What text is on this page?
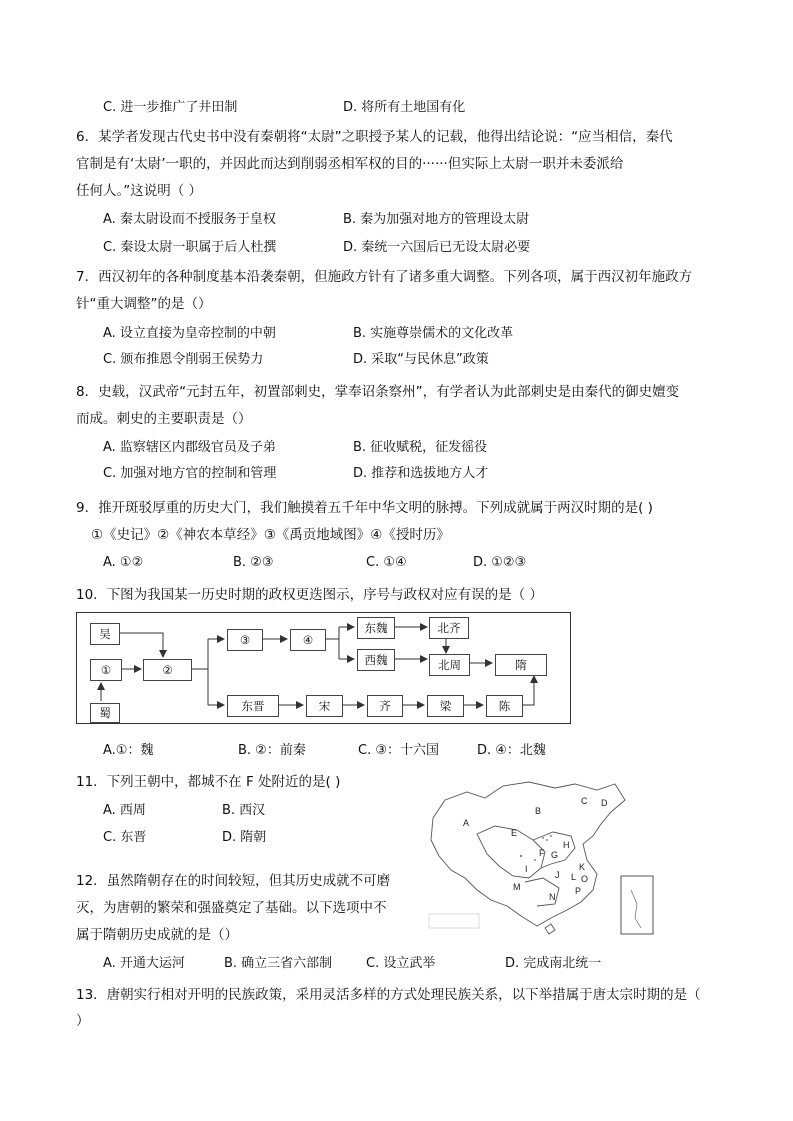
C. 进一步推广了井田制	D. 将所有土地国有化
6．某学者发现古代史书中没有秦朝将“太尉”之职授予某人的记载，他得出结论说：“应当相信，秦代
官制是有‘太尉’一职的，并因此而达到削弱丞相军权的目的······但实际上太尉一职并未委派给
任何人。”这说明（ ）
A. 秦太尉设而不授服务于皇权	B. 秦为加强对地方的管理设太尉
C. 秦设太尉一职属于后人杜撰	D. 秦统一六国后已无设太尉必要
7．西汉初年的各种制度基本沿袭秦朝，但施政方针有了诸多重大调整。下列各项，属于西汉初年施政方
针“重大调整”的是（）
A. 设立直接为皇帝控制的中朝	B. 实施尊崇儒术的文化改革
C. 颁布推恩令削弱王侯势力	D. 采取“与民休息”政策
8．史载，汉武帝“元封五年，初置部刺史，掌奉诏条察州”，有学者认为此部刺史是由秦代的御史嬗变
而成。刺史的主要职责是（）
A. 监察辖区内郡级官员及子弟	B. 征收赋税，征发徭役
C. 加强对地方官的控制和管理	D. 推荐和选拔地方人才
9．推开斑驳厚重的历史大门，我们触摸着五千年中华文明的脉搏。下列成就属于两汉时期的是( )
①《史记》②《神农本草经》③《禹贡地域图》④《授时历》
A. ①②	B. ②③	C. ①④	D. ①②③
10．下图为我国某一历史时期的政权更迭图示，序号与政权对应有误的是（ ）
吴
①	②
蜀
③	④
东魏	北齐
西魏	北周	隋
东晋	宋	齐	梁	陈
A.①：魏	B. ②：前秦	C. ③：十六国	D. ④：北魏
11．下列王朝中，都城不在 F 处附近的是( )
A. 西周	B. 西汉
C. 东晋	D. 隋朝
A
B
C D
E
F G
H
I
J
K
L
M
N
O
P
12．虽然隋朝存在的时间较短，但其历史成就不可磨
灭，为唐朝的繁荣和强盛奠定了基础。以下选项中不
属于隋朝历史成就的是（）
A. 开通大运河	B. 确立三省六部制	C. 设立武举	D. 完成南北统一
13．唐朝实行相对开明的民族政策，采用灵活多样的方式处理民族关系，以下举措属于唐太宗时期的是（
）
